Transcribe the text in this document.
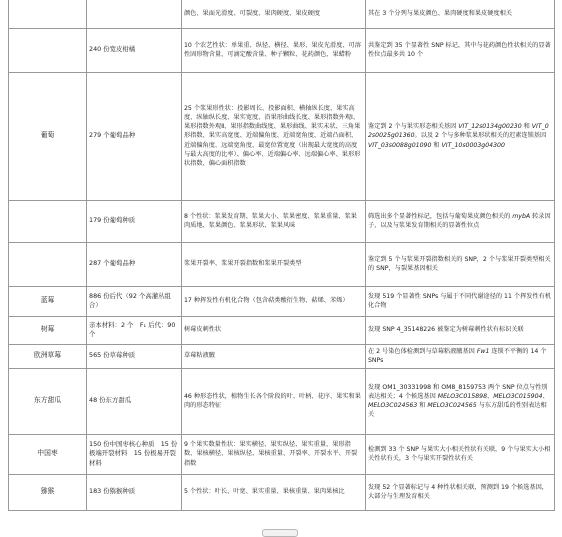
		颜色、果面光滑度、可裂度、果肉硬度、果皮硬度	其在 3 个分列与果皮颜色、果肉硬度和果皮硬度相关
	240 份宽皮柑橘	10 个农艺性状：单果重、纵径、横径、果形、果皮光滑度、可溶性固形物含量、可滴定酸含量、种子颗粒、花药颜色、果蜡粉	共鉴定到 35 个显著性 SNP 标记，其中与花药颜色性状相关的显著性位点最多共 10 个
葡萄	279 个葡萄品种	25 个浆果形性状：投影周长、投影面积、横轴纵长度、果实高度、纵轴纵长度、果实宽度、沿果形曲线长度、果形指数外观Ⅰ、果形指数外观Ⅱ、果形指数曲线度、果形曲线、果实末状、三角果形指数、果实高宽度、近端偏角度、近端宽角度、近端凸面积、近端偏角度、远端宽角度、最宽位置宽度（出现最大宽度的高度与最大高度的比率）、偏心率、近端偏心率、远端偏心率、果形形状指数、偏心面积指数	鉴定到 2 个与果实形态相关基因 VIT_12s0134g00230 和 VIT_02s0025g01360。以及 2 个与多种浆果形状相关的迟素连锁基因 VIT_03s0088g01090 和 VIT_10s0003g04300
	179 份葡萄种质	8 个性状：浆果发育期、浆果大小、浆果密度、浆果重量、浆果肉质地、浆果颜色、浆果形状、浆果风味	筛选出多个显著性标记，包括与葡萄果皮颜色相关的 mybA 转录因子，以及与浆果发育期相关的显著性位点
	287 个葡萄品种	浆果开裂率、浆果开裂指数和浆果开裂类型	鉴定到 5 个与浆果开裂指数相关的 SNP，2 个与浆果开裂类型相关的 SNP，与裂果基因相关
蓝莓	886 份后代（92 个高灌丛组合）	17 种挥发性有机化合物（包含萜类酸衍生物、萜烯、苯烯）	发现 519 个显著性 SNPs 与属于不同代谢途径的 11 个挥发性有机化合物
树莓	亲本材料：2 个　F₁ 后代：90 个	树莓皮刺性状	发现 SNP 4_35148226 被鉴定为树莓刺性状有标识关联
欧洲草莓	565 份草莓种质	草莓粘液腋	在 2 号染色体检测到与草莓粘液腋基因 Fw1 连锁不平衡的 14 个 SNPs
东方甜瓜	48 份东方甜瓜	46 种形态性状，植物生长各个阶段的叶、叶柄、花序、果实和果肉的形态特征	发现 OM1_30331998 和 OM8_8159753 两个 SNP 位点与性别表达相关；4 个候选基因 MELO3C015898、MELO3C015904、MELO3C024563 和 MELO3C024565 与东方甜瓜的性别表达相关
中国枣	150 份中国枣核心种质　15 份极端开裂材料　15 份极易开裂材料	9 个果实数量性状：果实横径、果实纵径、果实重量、果形指数、果核横径、果核纵径、果核重量、开裂率、开裂水平、开裂指数	检测到 33 个 SNP 与果实大小相关性状有关联，9 个与果实大小相关性状有关，3 个与果实开裂性状有关
猕猴	183 份猕猴种质	5 个性状：叶长、叶宽、果实重量、果核重量、果肉果核比	发现 52 个显著标记与 4 种性状相关联，预测到 19 个候选基因，大部分与生理发育相关
